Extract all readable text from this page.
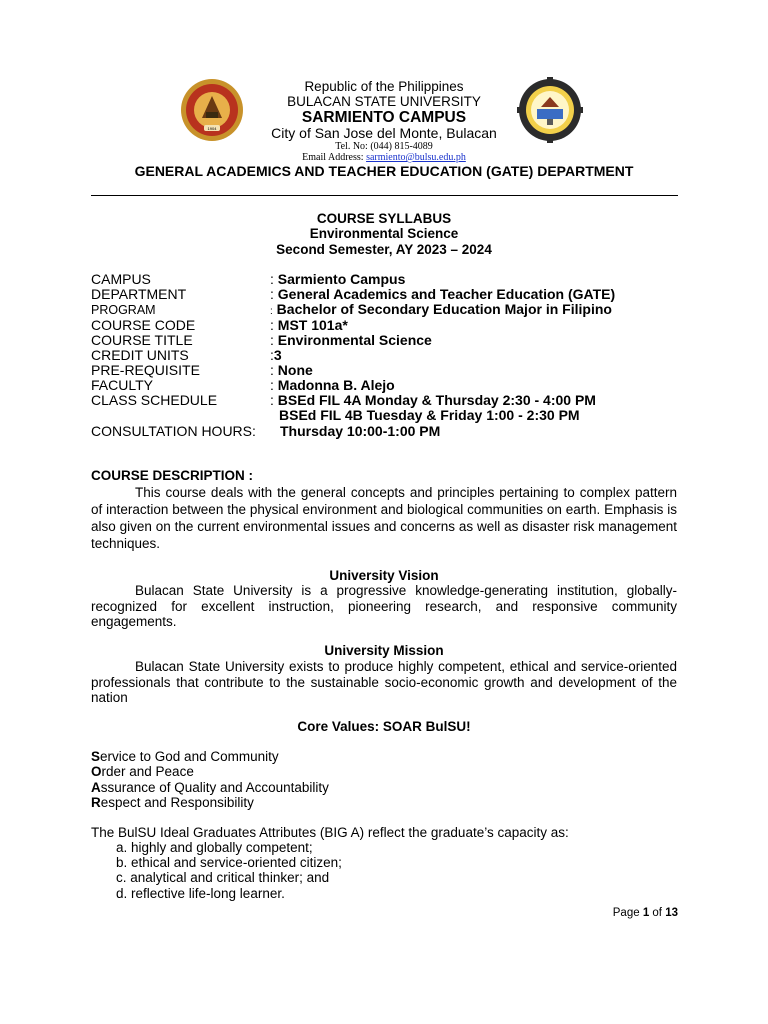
1904
Republic of the Philippines
BULACAN STATE UNIVERSITY
SARMIENTO CAMPUS
City of San Jose del Monte, Bulacan
Tel. No: (044) 815-4089
Email Address: sarmiento@bulsu.edu.ph
GENERAL ACADEMICS AND TEACHER EDUCATION (GATE) DEPARTMENT
COURSE SYLLABUS
Environmental Science
Second Semester, AY 2023 – 2024
CAMPUS	: Sarmiento Campus
DEPARTMENT	: General Academics and Teacher Education (GATE)
PROGRAM	: Bachelor of Secondary Education Major in Filipino
COURSE CODE	: MST 101a*
COURSE TITLE	: Environmental Science
CREDIT UNITS	:3
PRE-REQUISITE	: None
FACULTY	: Madonna B. Alejo
CLASS SCHEDULE	: BSEd FIL 4A Monday & Thursday 2:30 - 4:00 PM
BSEd FIL 4B Tuesday & Friday 1:00 - 2:30 PM
CONSULTATION HOURS: Thursday 10:00-1:00 PM
COURSE DESCRIPTION :
This course deals with the general concepts and principles pertaining to complex pattern of interaction between the physical environment and biological communities on earth. Emphasis is also given on the current environmental issues and concerns as well as disaster risk management techniques.
University Vision
Bulacan State University is a progressive knowledge-generating institution, globally-recognized for excellent instruction, pioneering research, and responsive community engagements.
University Mission
Bulacan State University exists to produce highly competent, ethical and service-oriented professionals that contribute to the sustainable socio-economic growth and development of the nation
Core Values: SOAR BulSU!
Service to God and Community
Order and Peace
Assurance of Quality and Accountability
Respect and Responsibility
The BulSU Ideal Graduates Attributes (BIG A) reflect the graduate’s capacity as:
a. highly and globally competent;
b. ethical and service-oriented citizen;
c. analytical and critical thinker; and
d. reflective life-long learner.
Page 1 of 13
